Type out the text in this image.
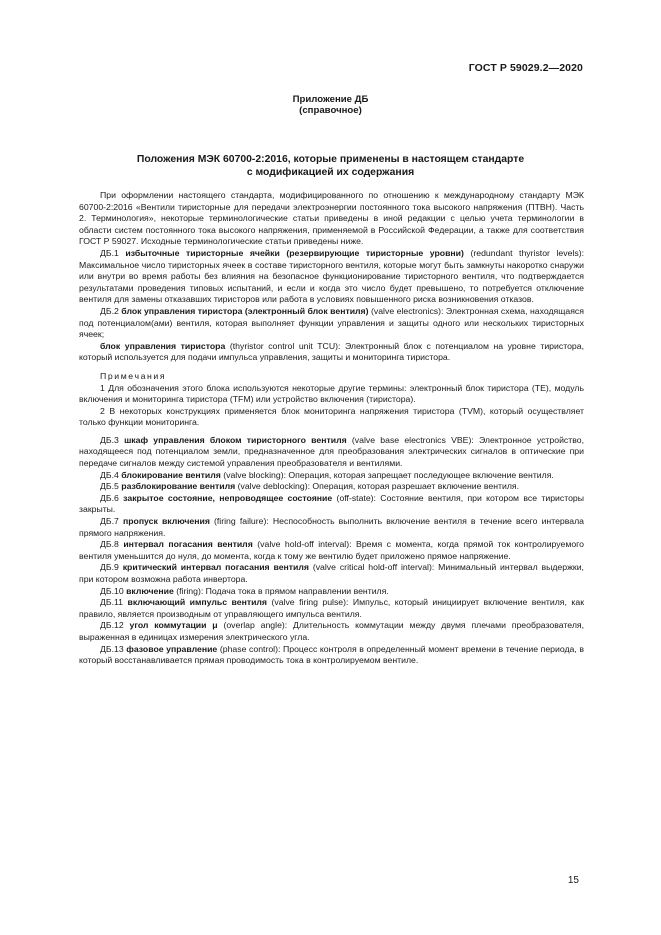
ГОСТ Р 59029.2—2020
Приложение ДБ
(справочное)
Положения МЭК 60700-2:2016, которые применены в настоящем стандарте
с модификацией их содержания

При оформлении настоящего стандарта, модифицированного по отношению к международному стандарту МЭК 60700-2:2016 «Вентили тиристорные для передачи электроэнергии постоянного тока высокого напряжения (ПТВН). Часть 2. Терминология», некоторые терминологические статьи приведены в иной редакции с целью учета терминологии в области систем постоянного тока высокого напряжения, применяемой в Российской Федерации, а также для соответствия ГОСТ Р 59027. Исходные терминологические статьи приведены ниже.

ДБ.1 избыточные тиристорные ячейки (резервирующие тиристорные уровни) (redundant thyristor levels): Максимальное число тиристорных ячеек в составе тиристорного вентиля, которые могут быть замкнуты накоротко снаружи или внутри во время работы без влияния на безопасное функционирование тиристорного вентиля, что подтверждается результатами проведения типовых испытаний, и если и когда это число будет превышено, то потребуется отключение вентиля для замены отказавших тиристоров или работа в условиях повышенного риска возникновения отказов.

ДБ.2 блок управления тиристора (электронный блок вентиля) (valve electronics): Электронная схема, находящаяся под потенциалом(ами) вентиля, которая выполняет функции управления и защиты одного или нескольких тиристорных ячеек;

блок управления тиристора (thyristor control unit TCU): Электронный блок с потенциалом на уровне тиристора, который используется для подачи импульса управления, защиты и мониторинга тиристора.

Примечания

1 Для обозначения этого блока используются некоторые другие термины: электронный блок тиристора (TE), модуль включения и мониторинга тиристора (TFM) или устройство включения (тиристора).

2 В некоторых конструкциях применяется блок мониторинга напряжения тиристора (TVM), который осуществляет только функции мониторинга.

ДБ.3 шкаф управления блоком тиристорного вентиля (valve base electronics VBE): Электронное устройство, находящееся под потенциалом земли, предназначенное для преобразования электрических сигналов в оптические при передаче сигналов между системой управления преобразователя и вентилями.

ДБ.4 блокирование вентиля (valve blocking): Операция, которая запрещает последующее включение вентиля.

ДБ.5 разблокирование вентиля (valve deblocking): Операция, которая разрешает включение вентиля.

ДБ.6 закрытое состояние, непроводящее состояние (off-state): Состояние вентиля, при котором все тиристоры закрыты.

ДБ.7 пропуск включения (firing failure): Неспособность выполнить включение вентиля в течение всего интервала прямого напряжения.

ДБ.8 интервал погасания вентиля (valve hold-off interval): Время с момента, когда прямой ток контролируемого вентиля уменьшится до нуля, до момента, когда к тому же вентилю будет приложено прямое напряжение.

ДБ.9 критический интервал погасания вентиля (valve critical hold-off interval): Минимальный интервал выдержки, при котором возможна работа инвертора.

ДБ.10 включение (firing): Подача тока в прямом направлении вентиля.

ДБ.11 включающий импульс вентиля (valve firing pulse): Импульс, который инициирует включение вентиля, как правило, является производным от управляющего импульса вентиля.

ДБ.12 угол коммутации μ (overlap angle): Длительность коммутации между двумя плечами преобразователя, выраженная в единицах измерения электрического угла.

ДБ.13 фазовое управление (phase control): Процесс контроля в определенный момент времени в течение периода, в который восстанавливается прямая проводимость тока в контролируемом вентиле.

15
